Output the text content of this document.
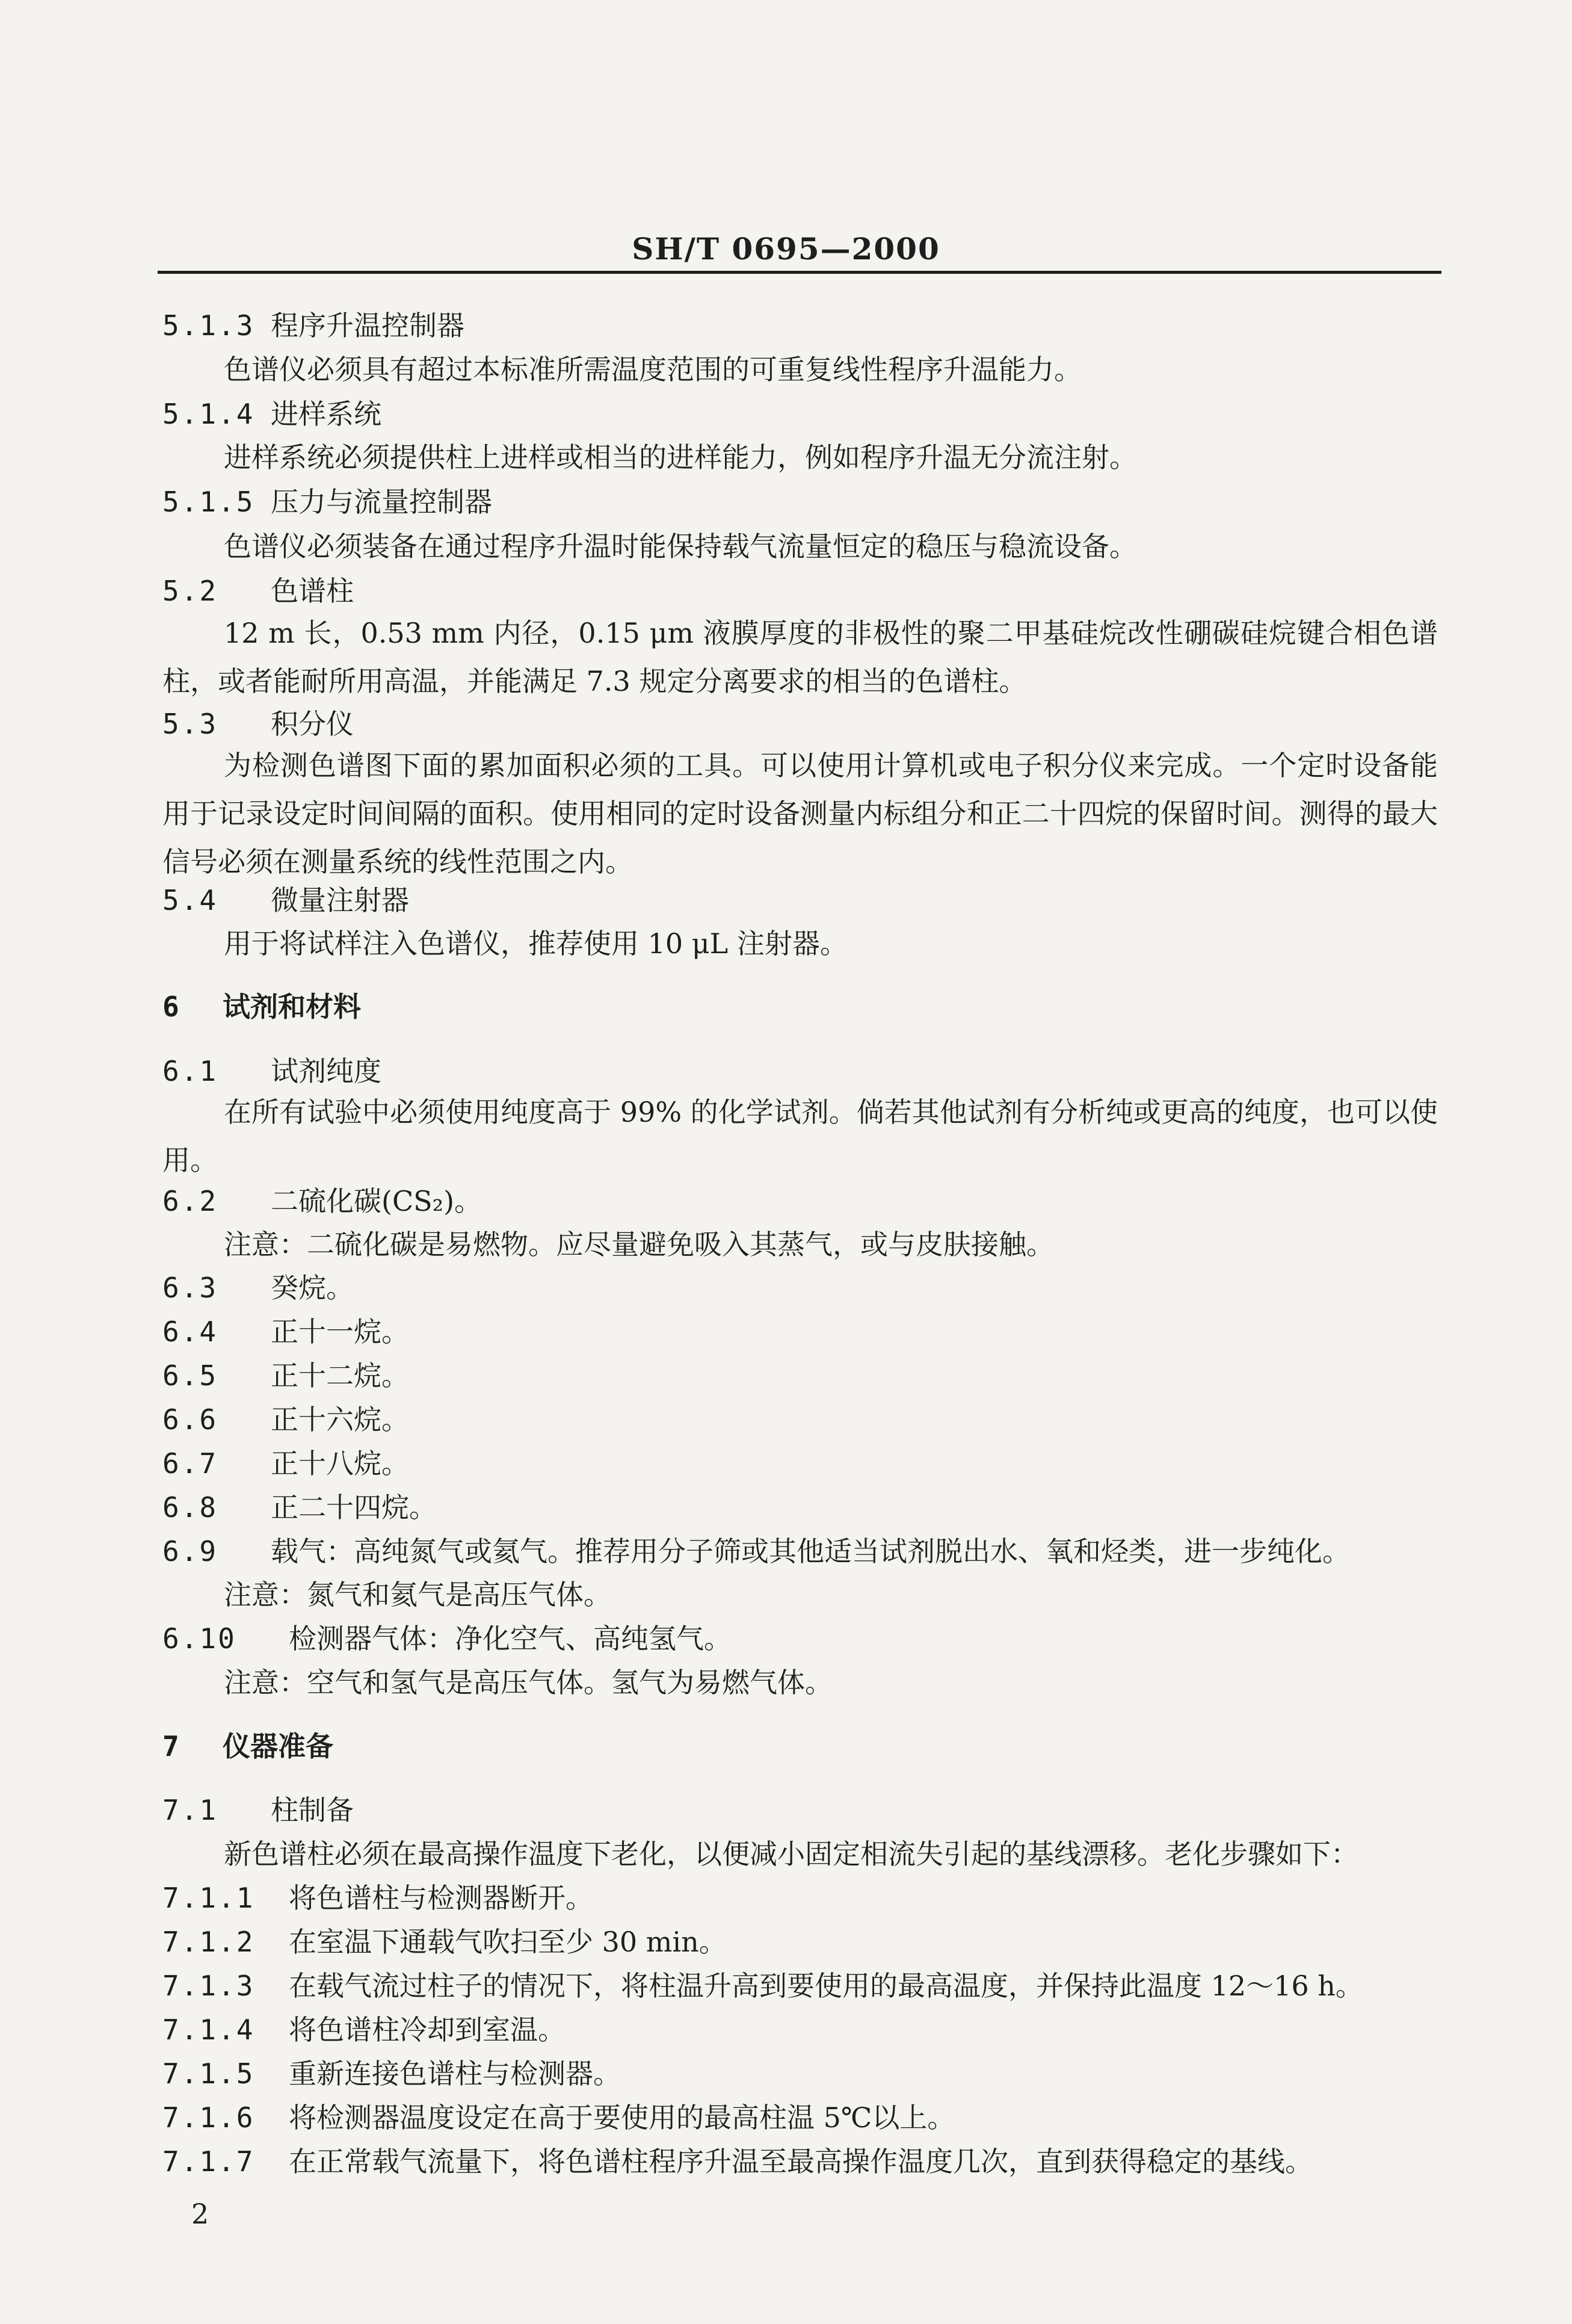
SH/T 0695—2000
5.1.3 程序升温控制器
色谱仪必须具有超过本标准所需温度范围的可重复线性程序升温能力。
5.1.4 进样系统
进样系统必须提供柱上进样或相当的进样能力，例如程序升温无分流注射。
5.1.5 压力与流量控制器
色谱仪必须装备在通过程序升温时能保持载气流量恒定的稳压与稳流设备。
5.2 色谱柱
12 m 长，0.53 mm 内径，0.15 μm 液膜厚度的非极性的聚二甲基硅烷改性硼碳硅烷键合相色谱柱，或者能耐所用高温，并能满足 7.3 规定分离要求的相当的色谱柱。
5.3 积分仪
为检测色谱图下面的累加面积必须的工具。可以使用计算机或电子积分仪来完成。一个定时设备能用于记录设定时间间隔的面积。使用相同的定时设备测量内标组分和正二十四烷的保留时间。测得的最大信号必须在测量系统的线性范围之内。
5.4 微量注射器
用于将试样注入色谱仪，推荐使用 10 μL 注射器。
6 试剂和材料
6.1 试剂纯度
在所有试验中必须使用纯度高于 99% 的化学试剂。倘若其他试剂有分析纯或更高的纯度，也可以使用。
6.2 二硫化碳(CS₂)。
注意：二硫化碳是易燃物。应尽量避免吸入其蒸气，或与皮肤接触。
6.3 癸烷。
6.4 正十一烷。
6.5 正十二烷。
6.6 正十六烷。
6.7 正十八烷。
6.8 正二十四烷。
6.9 载气：高纯氮气或氦气。推荐用分子筛或其他适当试剂脱出水、氧和烃类，进一步纯化。
注意：氮气和氦气是高压气体。
6.10 检测器气体：净化空气、高纯氢气。
注意：空气和氢气是高压气体。氢气为易燃气体。
7 仪器准备
7.1 柱制备
新色谱柱必须在最高操作温度下老化，以便减小固定相流失引起的基线漂移。老化步骤如下：
7.1.1 将色谱柱与检测器断开。
7.1.2 在室温下通载气吹扫至少 30 min。
7.1.3 在载气流过柱子的情况下，将柱温升高到要使用的最高温度，并保持此温度 12～16 h。
7.1.4 将色谱柱冷却到室温。
7.1.5 重新连接色谱柱与检测器。
7.1.6 将检测器温度设定在高于要使用的最高柱温 5℃以上。
7.1.7 在正常载气流量下，将色谱柱程序升温至最高操作温度几次，直到获得稳定的基线。
2
